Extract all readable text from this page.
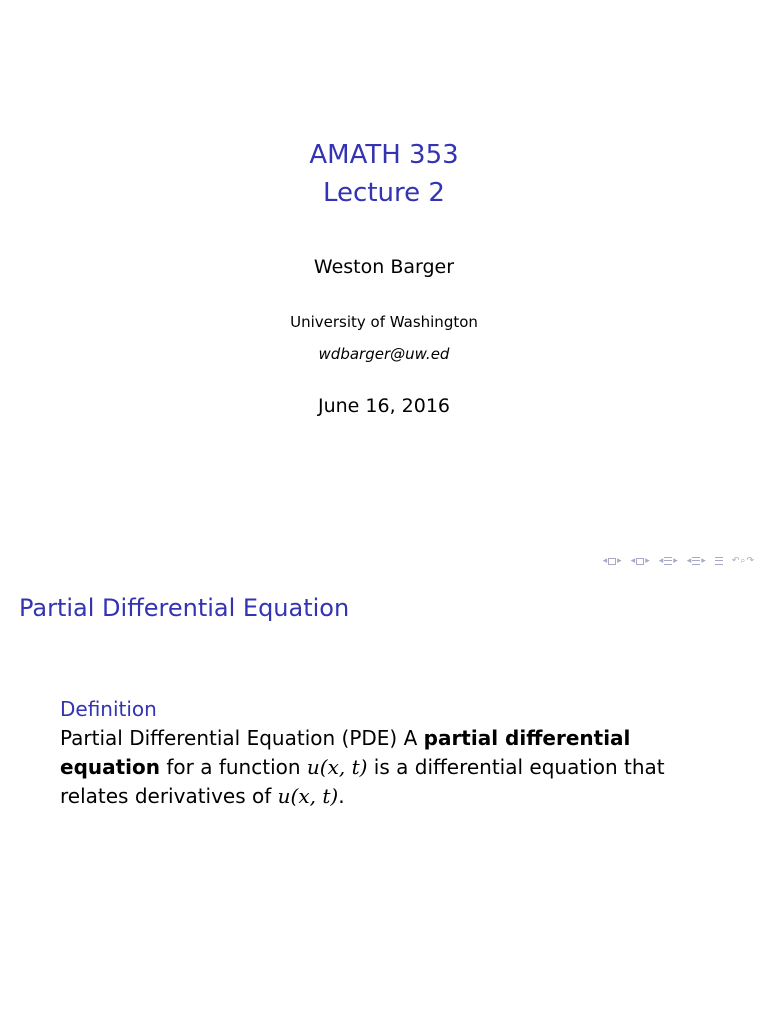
AMATH 353
Lecture 2
Weston Barger
University of Washington
wdbarger@uw.ed
June 16, 2016
◂ ▸ ◂ ▸ ◂ ▸ ◂ ▸	↶ ⌕ ↷
Partial Differential Equation
Definition
Partial Differential Equation (PDE) A partial differential equation for a function u(x, t) is a differential equation that relates derivatives of u(x, t).
